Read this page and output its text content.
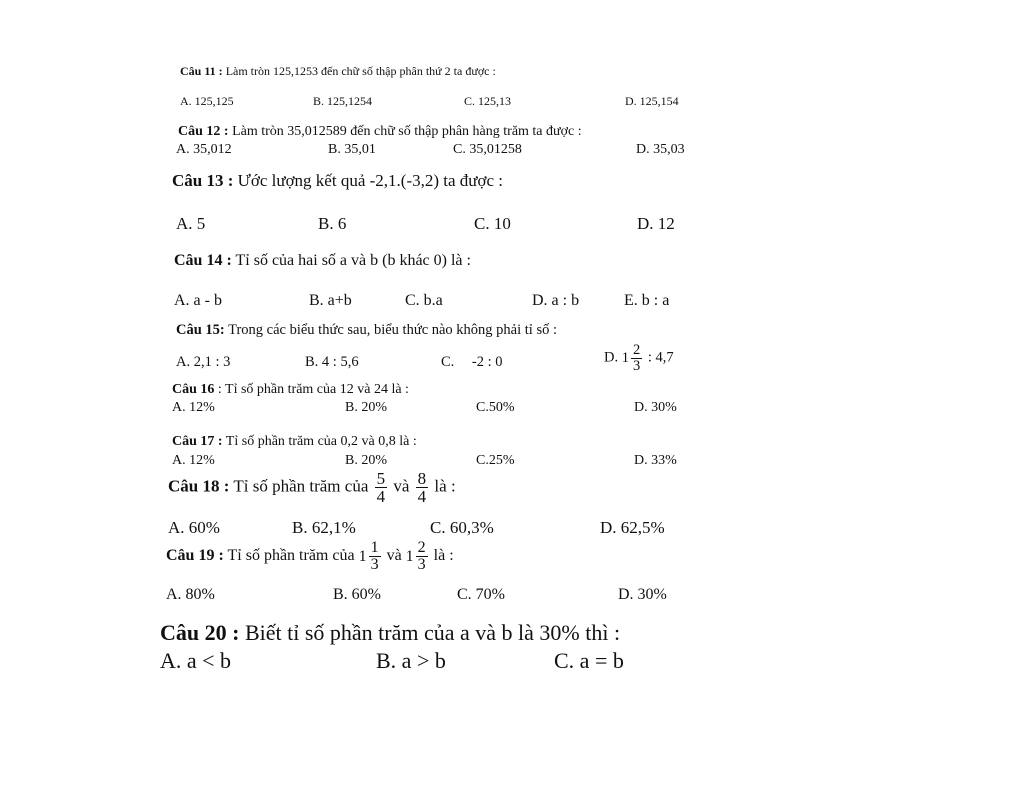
Câu 11 : Làm tròn 125,1253 đến chữ số thập phân thứ 2 ta được :
A. 125,125	B. 125,1254	C. 125,13	D. 125,154
Câu 12 : Làm tròn 35,012589 đến chữ số thập phân hàng trăm ta được :
A. 35,012	B. 35,01	C. 35,01258	D. 35,03
Câu 13 : Ước lượng kết quả -2,1.(-3,2) ta được :
A. 5	B. 6	C. 10	D. 12
Câu 14 : Tỉ số của hai số a và b (b khác 0) là :
A. a - b	B. a+b	C. b.a	D. a : b	E. b : a
Câu 15: Trong các biểu thức sau, biểu thức nào không phải tỉ số :
A. 2,1 : 3	B. 4 : 5,6	C. -2 : 0	D. $1 \frac{2}{3}$ : 4,7
Câu 16 : Tỉ số phần trăm của 12 và 24 là :
A. 12%	B. 20%	C.50%	D. 30%
Câu 17 : Tỉ số phần trăm của 0,2 và 0,8 là :
A. 12%	B. 20%	C.25%	D. 33%
Câu 18 : Tỉ số phần trăm của $\frac{5}{4}$ và $\frac{8}{4}$ là :
A. 60%	B. 62,1%	C. 60,3%	D. 62,5%
Câu 19 : Tỉ số phần trăm của $1 \frac{1}{3}$ và $1 \frac{2}{3}$ là :
A. 80%	B. 60%	C. 70%	D. 30%
Câu 20 : Biết tỉ số phần trăm của a và b là 30% thì :
A. a < b	B. a > b	C. a = b
